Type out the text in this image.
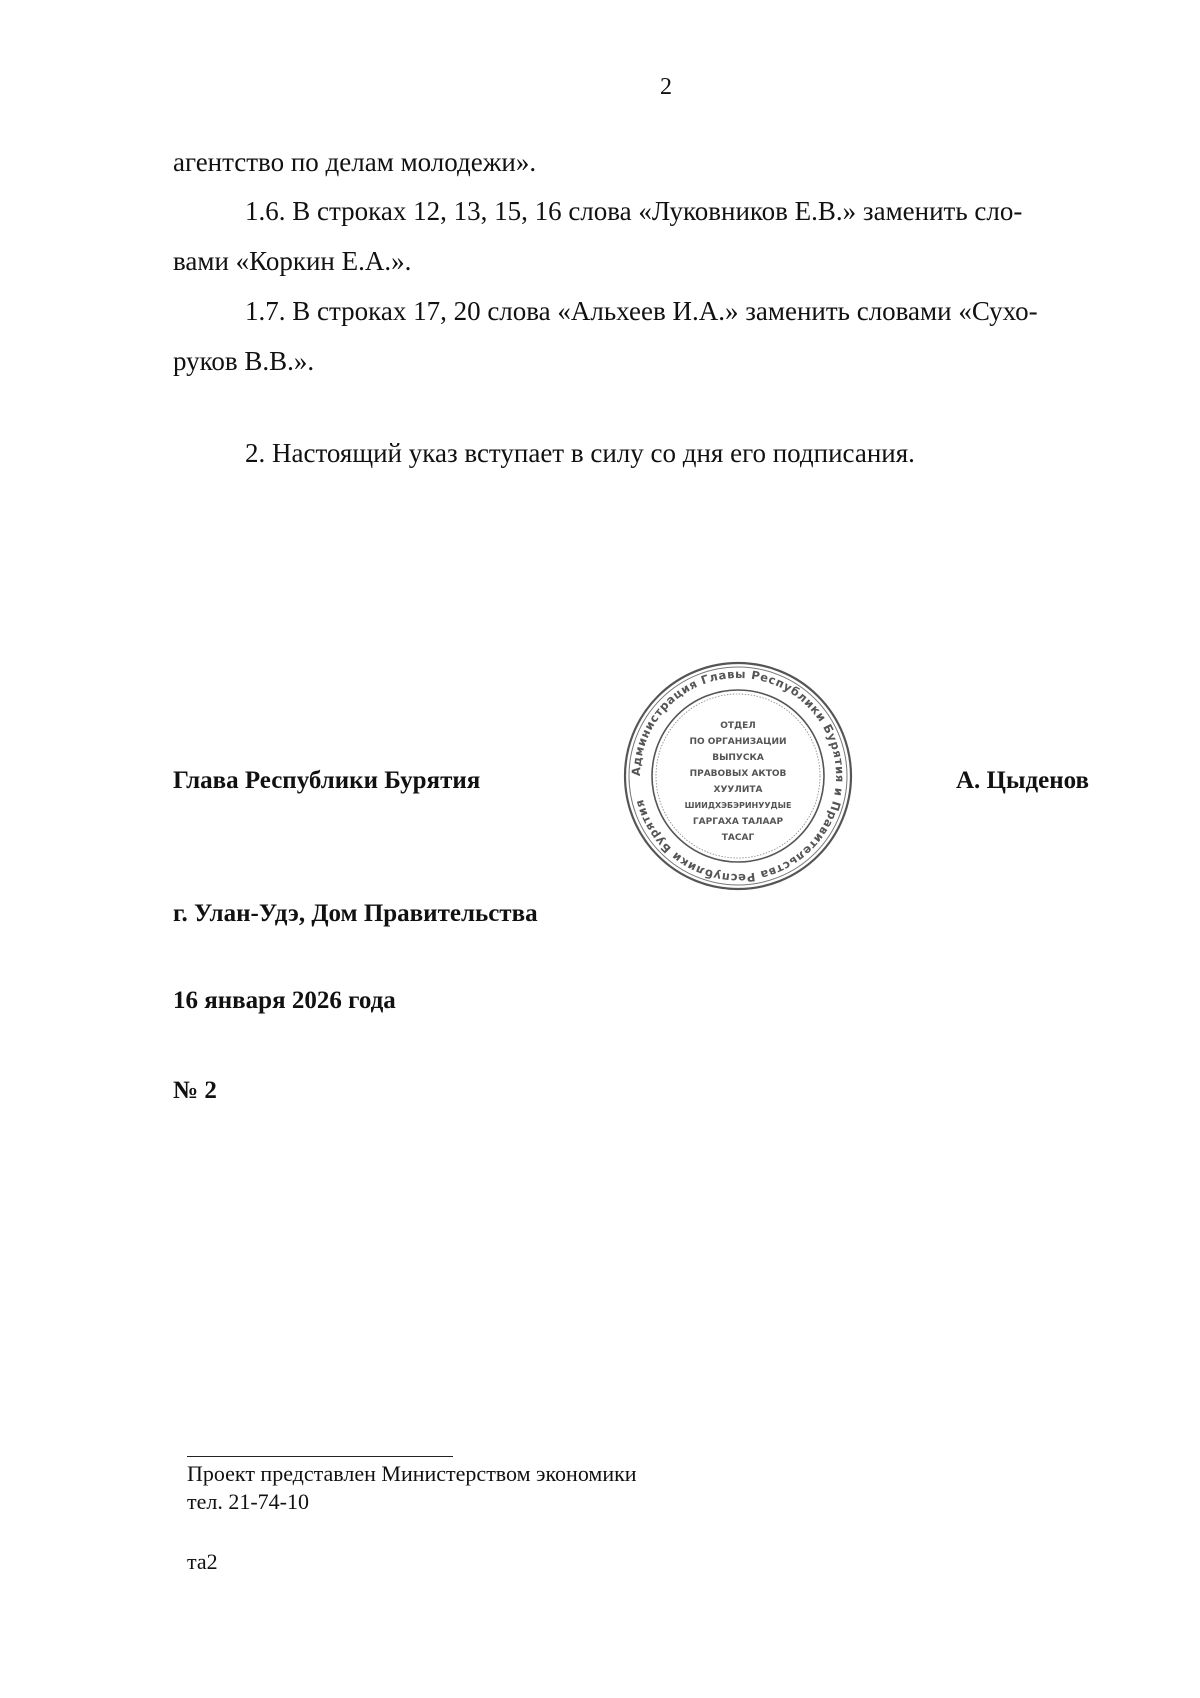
2
агентство по делам молодежи».
1.6. В строках 12, 13, 15, 16 слова «Луковников Е.В.» заменить сло-
вами «Коркин Е.А.».
1.7. В строках 17, 20 слова «Альхеев И.А.» заменить словами «Сухо-
руков В.В.».
2. Настоящий указ вступает в силу со дня его подписания.
Администрация Главы Республики Бурятия и Правительства Республики Бурятия
ОТДЕЛ
ПО ОРГАНИЗАЦИИ
ВЫПУСКА
ПРАВОВЫХ АКТОВ
ХУУЛИТА
ШИИДХЭБЭРИНУУДЫЕ
ГАРГАХА ТАЛААР
ТАСАГ
Глава Республики Бурятия	А. Цыденов
г. Улан-Удэ, Дом Правительства
16 января 2026 года
№ 2
Проект представлен Министерством экономики
тел. 21-74-10
та2
